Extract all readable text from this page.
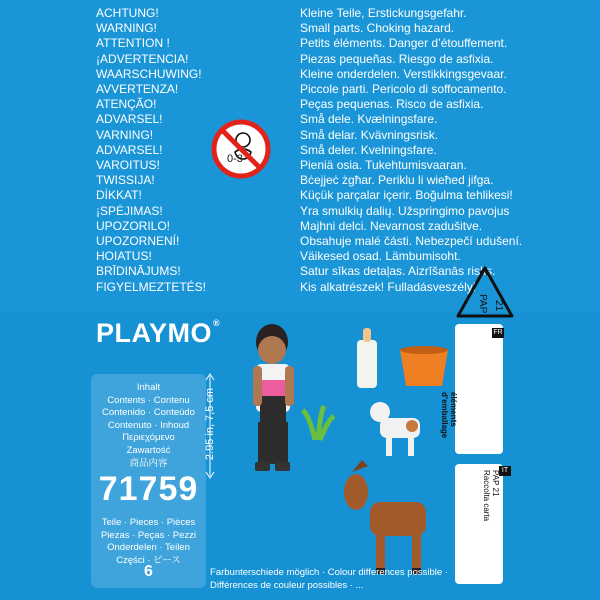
ACHTUNG!
WARNING!
ATTENTION !
¡ADVERTENCIA!
WAARSCHUWING!
AVVERTENZA!
ATENÇÃO!
ADVARSEL!
VARNING!
ADVARSEL!
VAROITUS!
TWISSIJA!
DİKKAT!
¡SPĖJIMAS!
UPOZORILO!
UPOZORNENÍ!
HOIATUS!
BRĪDINĀJUMS!
FIGYELMEZTETÉS!
Kleine Teile, Erstickungsgefahr.
Small parts. Choking hazard.
Petits éléments. Danger d’étouffement.
Piezas pequeñas. Riesgo de asfixia.
Kleine onderdelen. Verstikkingsgevaar.
Piccole parti. Pericolo di soffocamento.
Peças pequenas. Risco de asfixia.
Små dele. Kvælningsfare.
Små delar. Kvävningsrisk.
Små deler. Kvelningsfare.
Pieniä osia. Tukehtumisvaaran.
Bċejjeċ żgħar. Periklu li wieħed jifga.
Küçük parçalar içerir. Boğulma tehlikesi!
Yra smulkių dalių. Užspringimo pavojus
Majhni delci. Nevarnost zadušitve.
Obsahuje malé části. Nebezpečí udušení.
Väikesed osad. Lämbumisoht.
Satur sīkas detaļas. Aizrīšanās risks.
Kis alkatrészek! Fulladásveszély!
0-3
21
PAP
PLAYMO®
Inhalt
Contents · Contenu
Contenido · Conteúdo
Contenuto · Inhoud
Περιεχόμενο
Zawartość
商品内容
71759
Teile · Pieces · Pièces
Piezas · Peças · Pezzi
Onderdelen · Teilen
Części · ピース
6
2.95 in, 7,5 cm
FR
éléments
d’emballage
IT
PAP 21
Raccolta carta
Farbunterschiede möglich · Colour differences possible ·
Différences de couleur possibles · ...
